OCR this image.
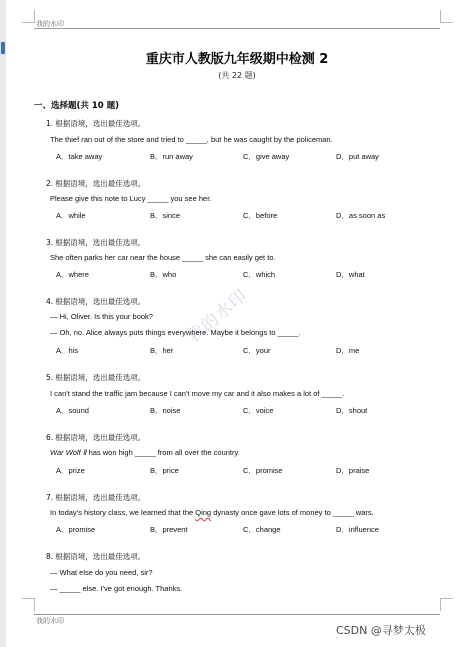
我的水印
重庆市人教版九年级期中检测 2
(共 22 题)
一、选择题(共 10 题)
1. 根据语境，选出最佳选项。
The thief ran out of the store and tried to _____, but he was caught by the policeman.
A．take away	B．run away	C．give away	D．put away
2. 根据语境，选出最佳选项。
Please give this note to Lucy _____ you see her.
A．while	B．since	C．before	D．as soon as
3. 根据语境，选出最佳选项。
She often parks her car near the house _____ she can easily get to.
A．where	B．who	C．which	D．what
4. 根据语境，选出最佳选项。
— Hi, Oliver. Is this your book?
— Oh, no. Alice always puts things everywhere. Maybe it belongs to _____.
A．his	B．her	C．your	D．me
5. 根据语境，选出最佳选项。
I can't stand the traffic jam because I can't move my car and it also makes a lot of _____.
A．sound	B．noise	C．voice	D．shout
6. 根据语境，选出最佳选项。
War Wolf Ⅱ has won high _____ from all over the country.
A．prize	B．price	C．promise	D．praise
7. 根据语境，选出最佳选项。
In today's history class, we learned that the Qing dynasty once gave lots of money to _____ wars.
A．promise	B．prevent	C．change	D．influence
8. 根据语境，选出最佳选项。
— What else do you need, sir?
— _____ else. I've got enough. Thanks.
我的水印
我的水印
CSDN @寻梦太极
